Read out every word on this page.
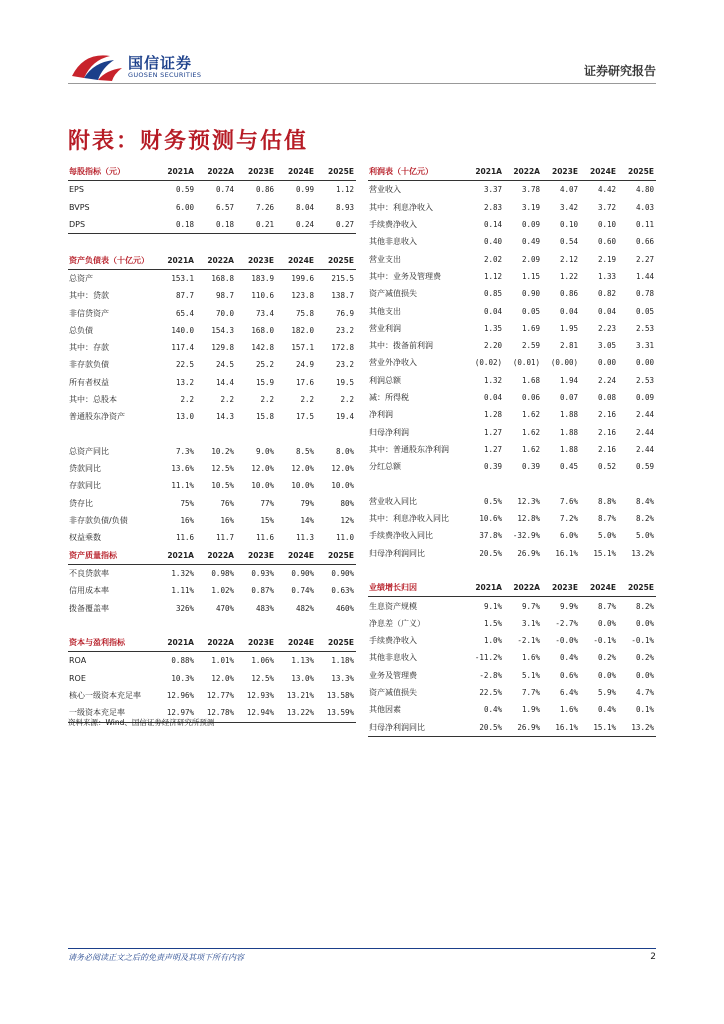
国信证券
GUOSEN SECURITIES	证券研究报告
附表：财务预测与估值
每股指标（元）	2021A	2022A	2023E	2024E	2025E
EPS	0.59	0.74	0.86	0.99	1.12
BVPS	6.00	6.57	7.26	8.04	8.93
DPS	0.18	0.18	0.21	0.24	0.27

资产负债表（十亿元）	2021A	2022A	2023E	2024E	2025E
总资产	153.1	168.8	183.9	199.6	215.5
其中：贷款	87.7	98.7	110.6	123.8	138.7
非信贷资产	65.4	70.0	73.4	75.8	76.9
总负债	140.0	154.3	168.0	182.0	23.2
其中：存款	117.4	129.8	142.8	157.1	172.8
非存款负债	22.5	24.5	25.2	24.9	23.2
所有者权益	13.2	14.4	15.9	17.6	19.5
其中：总股本	2.2	2.2	2.2	2.2	2.2
普通股东净资产	13.0	14.3	15.8	17.5	19.4

总资产同比	7.3%	10.2%	9.0%	8.5%	8.0%
贷款同比	13.6%	12.5%	12.0%	12.0%	12.0%
存款同比	11.1%	10.5%	10.0%	10.0%	10.0%
贷存比	75%	76%	77%	79%	80%
非存款负债/负债	16%	16%	15%	14%	12%
权益乘数	11.6	11.7	11.6	11.3	11.0
资产质量指标	2021A	2022A	2023E	2024E	2025E
不良贷款率	1.32%	0.98%	0.93%	0.90%	0.90%
信用成本率	1.11%	1.02%	0.87%	0.74%	0.63%
拨备覆盖率	326%	470%	483%	482%	460%

资本与盈利指标	2021A	2022A	2023E	2024E	2025E
ROA	0.88%	1.01%	1.06%	1.13%	1.18%
ROE	10.3%	12.0%	12.5%	13.0%	13.3%
核心一级资本充足率	12.96%	12.77%	12.93%	13.21%	13.58%
一级资本充足率	12.97%	12.78%	12.94%	13.22%	13.59%
利润表（十亿元）	2021A	2022A	2023E	2024E	2025E
营业收入	3.37	3.78	4.07	4.42	4.80
其中：利息净收入	2.83	3.19	3.42	3.72	4.03
手续费净收入	0.14	0.09	0.10	0.10	0.11
其他非息收入	0.40	0.49	0.54	0.60	0.66
营业支出	2.02	2.09	2.12	2.19	2.27
其中：业务及管理费	1.12	1.15	1.22	1.33	1.44
资产减值损失	0.85	0.90	0.86	0.82	0.78
其他支出	0.04	0.05	0.04	0.04	0.05
营业利润	1.35	1.69	1.95	2.23	2.53
其中：拨备前利润	2.20	2.59	2.81	3.05	3.31
营业外净收入	(0.02)	(0.01)	(0.00)	0.00	0.00
利润总额	1.32	1.68	1.94	2.24	2.53
减：所得税	0.04	0.06	0.07	0.08	0.09
净利润	1.28	1.62	1.88	2.16	2.44
归母净利润	1.27	1.62	1.88	2.16	2.44
其中：普通股东净利润	1.27	1.62	1.88	2.16	2.44
分红总额	0.39	0.39	0.45	0.52	0.59

营业收入同比	0.5%	12.3%	7.6%	8.8%	8.4%
其中：利息净收入同比	10.6%	12.8%	7.2%	8.7%	8.2%
手续费净收入同比	37.8%	-32.9%	6.0%	5.0%	5.0%
归母净利润同比	20.5%	26.9%	16.1%	15.1%	13.2%

业绩增长归因	2021A	2022A	2023E	2024E	2025E
生息资产规模	9.1%	9.7%	9.9%	8.7%	8.2%
净息差（广义）	1.5%	3.1%	-2.7%	0.0%	0.0%
手续费净收入	1.0%	-2.1%	-0.0%	-0.1%	-0.1%
其他非息收入	-11.2%	1.6%	0.4%	0.2%	0.2%
业务及管理费	-2.8%	5.1%	0.6%	0.0%	0.0%
资产减值损失	22.5%	7.7%	6.4%	5.9%	4.7%
其他因素	0.4%	1.9%	1.6%	0.4%	0.1%
归母净利润同比	20.5%	26.9%	16.1%	15.1%	13.2%
资料来源：Wind、国信证券经济研究所预测
请务必阅读正文之后的免责声明及其项下所有内容	2
